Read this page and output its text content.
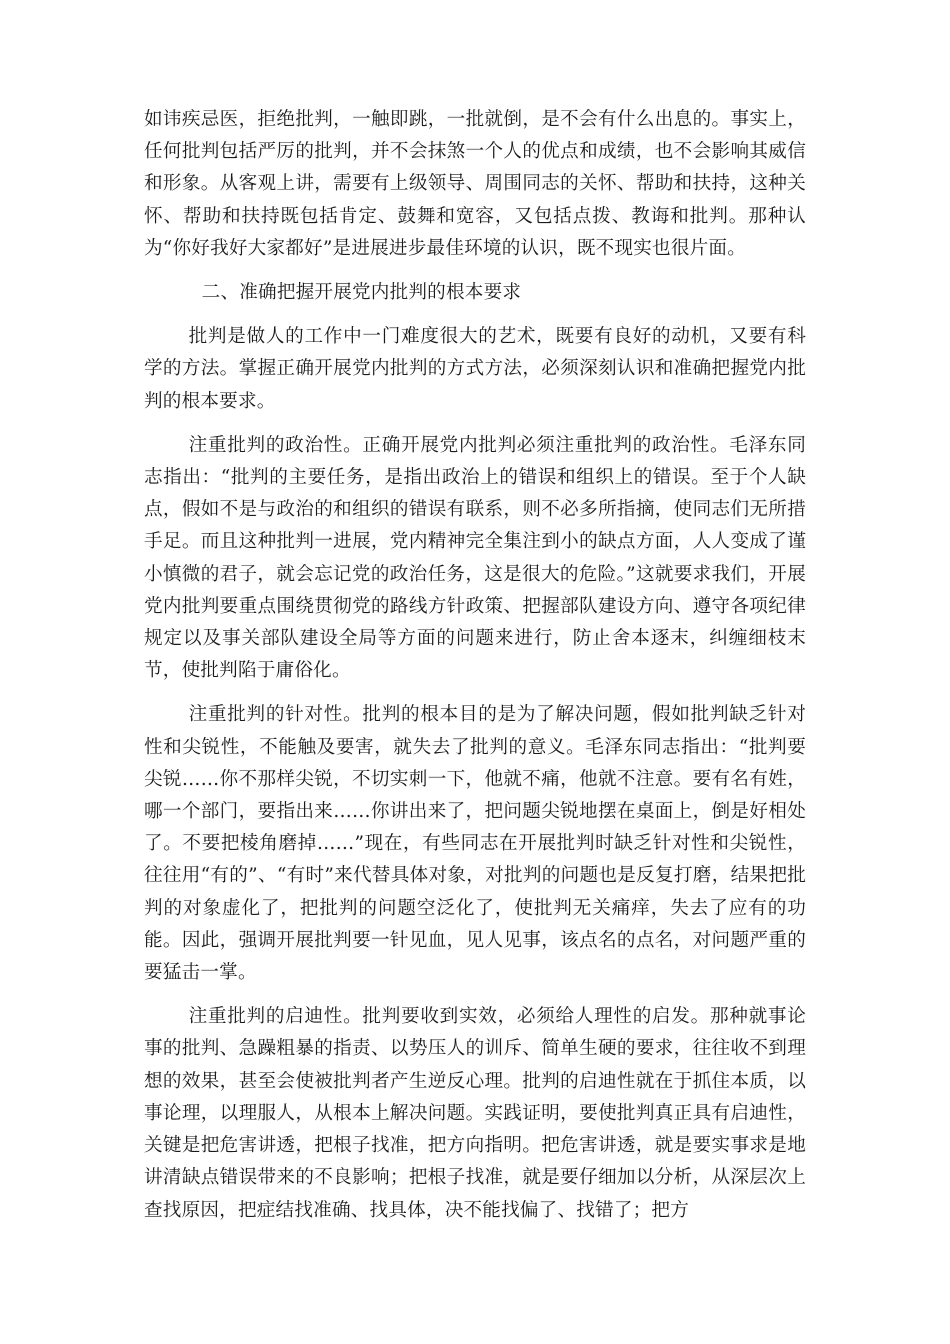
如讳疾忌医，拒绝批判，一触即跳，一批就倒，是不会有什么出息的。事实上，任何批判包括严厉的批判，并不会抹煞一个人的优点和成绩，也不会影响其威信和形象。从客观上讲，需要有上级领导、周围同志的关怀、帮助和扶持，这种关怀、帮助和扶持既包括肯定、鼓舞和宽容，又包括点拨、教诲和批判。那种认为“你好我好大家都好”是进展进步最佳环境的认识，既不现实也很片面。

二、准确把握开展党内批判的根本要求

批判是做人的工作中一门难度很大的艺术，既要有良好的动机，又要有科学的方法。掌握正确开展党内批判的方式方法，必须深刻认识和准确把握党内批判的根本要求。

注重批判的政治性。正确开展党内批判必须注重批判的政治性。毛泽东同志指出：“批判的主要任务，是指出政治上的错误和组织上的错误。至于个人缺点，假如不是与政治的和组织的错误有联系，则不必多所指摘，使同志们无所措手足。而且这种批判一进展，党内精神完全集注到小的缺点方面，人人变成了谨小慎微的君子，就会忘记党的政治任务，这是很大的危险。”这就要求我们，开展党内批判要重点围绕贯彻党的路线方针政策、把握部队建设方向、遵守各项纪律规定以及事关部队建设全局等方面的问题来进行，防止舍本逐末，纠缠细枝末节，使批判陷于庸俗化。

注重批判的针对性。批判的根本目的是为了解决问题，假如批判缺乏针对性和尖锐性，不能触及要害，就失去了批判的意义。毛泽东同志指出：“批判要尖锐……你不那样尖锐，不切实刺一下，他就不痛，他就不注意。要有名有姓，哪一个部门，要指出来……你讲出来了，把问题尖锐地摆在桌面上，倒是好相处了。不要把棱角磨掉……”现在，有些同志在开展批判时缺乏针对性和尖锐性，往往用“有的”、“有时”来代替具体对象，对批判的问题也是反复打磨，结果把批判的对象虚化了，把批判的问题空泛化了，使批判无关痛痒，失去了应有的功能。因此，强调开展批判要一针见血，见人见事，该点名的点名，对问题严重的要猛击一掌。

注重批判的启迪性。批判要收到实效，必须给人理性的启发。那种就事论事的批判、急躁粗暴的指责、以势压人的训斥、简单生硬的要求，往往收不到理想的效果，甚至会使被批判者产生逆反心理。批判的启迪性就在于抓住本质，以事论理，以理服人，从根本上解决问题。实践证明，要使批判真正具有启迪性，关键是把危害讲透，把根子找准，把方向指明。把危害讲透，就是要实事求是地讲清缺点错误带来的不良影响；把根子找准，就是要仔细加以分析，从深层次上查找原因，把症结找准确、找具体，决不能找偏了、找错了；把方
